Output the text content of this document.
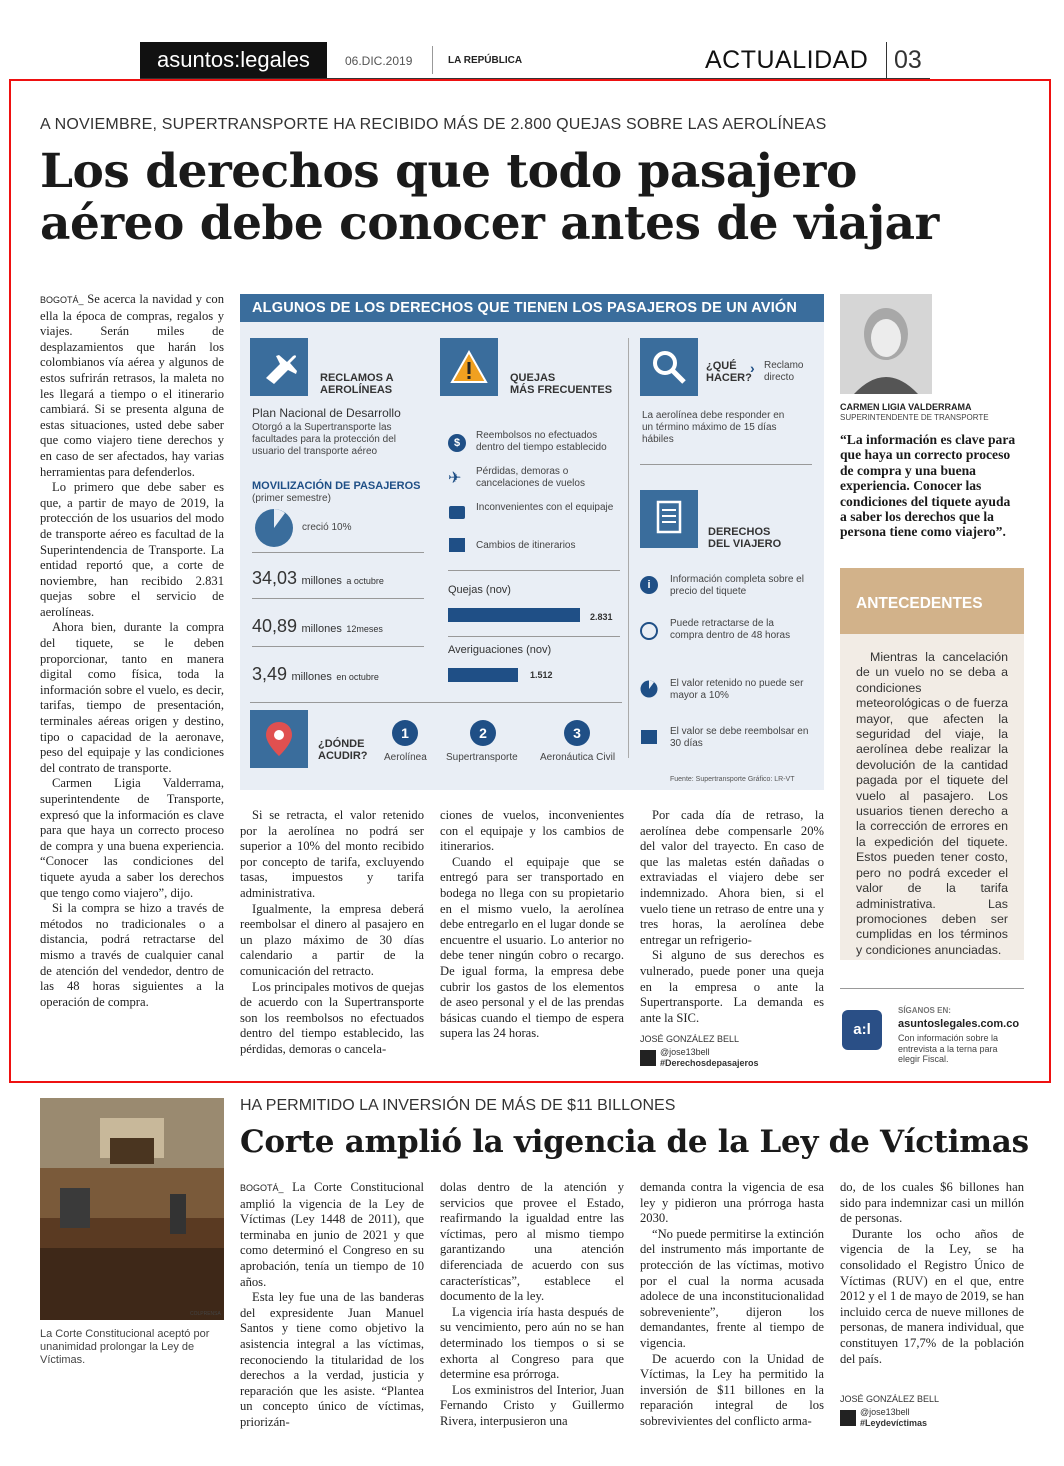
asuntos:legales	06.DIC.2019	LA REPÚBLICA	ACTUALIDAD 03
A NOVIEMBRE, SUPERTRANSPORTE HA RECIBIDO MÁS DE 2.800 QUEJAS SOBRE LAS AEROLÍNEAS
Los derechos que todo pasajero aéreo debe conocer antes de viajar

BOGOTÁ_ Se acerca la navidad y con ella la época de compras, regalos y viajes. Serán miles de desplazamientos que harán los colombianos vía aérea y algunos de estos sufrirán retrasos, la maleta no les llegará a tiempo o el itinerario cambiará. Si se presenta alguna de estas situaciones, usted debe saber que como viajero tiene derechos y en caso de ser afectados, hay varias herramientas para defenderlos.

Lo primero que debe saber es que, a partir de mayo de 2019, la protección de los usuarios del modo de transporte aéreo es facultad de la Superintendencia de Transporte. La entidad reportó que, a corte de noviembre, han recibido 2.831 quejas sobre el servicio de aerolíneas.

Ahora bien, durante la compra del tiquete, se le deben proporcionar, tanto en manera digital como física, toda la información sobre el vuelo, es decir, tarifas, tiempo de presentación, terminales aéreas origen y destino, tipo o capacidad de la aeronave, peso del equipaje y las condiciones del contrato de transporte.

Carmen Ligia Valderrama, superintendente de Transporte, expresó que la información es clave para que haya un correcto proceso de compra y una buena experiencia. “Conocer las condiciones del tiquete ayuda a saber los derechos que tengo como viajero”, dijo.

Si la compra se hizo a través de métodos no tradicionales o a distancia, podrá retractarse del mismo a través de cualquier canal de atención del vendedor, dentro de las 48 horas siguientes a la operación de compra.

Si se retracta, el valor retenido por la aerolínea no podrá ser superior a 10% del monto recibido por concepto de tarifa, excluyendo tasas, impuestos y tarifa administrativa.

Igualmente, la empresa deberá reembolsar el dinero al pasajero en un plazo máximo de 30 días calendario a partir de la comunicación del retracto.

Los principales motivos de quejas de acuerdo con la Supertransporte son los reembolsos no efectuados dentro del tiempo establecido, las pérdidas, demoras o cancela-

ciones de vuelos, inconvenientes con el equipaje y los cambios de itinerarios.

Cuando el equipaje que se entregó para ser transportado en bodega no llega con su propietario en el mismo vuelo, la aerolínea debe entregarlo en el lugar donde se encuentre el usuario. Lo anterior no debe tener ningún cobro o recargo. De igual forma, la empresa debe cubrir los gastos de los elementos de aseo personal y el de las prendas básicas cuando el tiempo de espera supera las 24 horas.

Por cada día de retraso, la aerolínea debe compensarle 20% del valor del trayecto. En caso de que las maletas estén dañadas o extraviadas el viajero debe ser indemnizado. Ahora bien, si el vuelo tiene un retraso de entre una y tres horas, la aerolínea debe entregar un refrigerio-

Si alguno de sus derechos es vulnerado, puede poner una queja en la empresa o ante la Supertransporte. La demanda es ante la SIC.

JOSÉ GONZÁLEZ BELL
@jose13bell
#Derechosdepasajeros
ALGUNOS DE LOS DERECHOS QUE TIENEN LOS PASAJEROS DE UN AVIÓN
RECLAMOS A
AEROLÍNEAS
Plan Nacional de Desarrollo
Otorgó a la Supertransporte las facultades para la protección del usuario del transporte aéreo
MOVILIZACIÓN DE PASAJEROS
(primer semestre)
creció 10%
34,03 millones a octubre
40,89 millones 12meses
3,49 millones en octubre
QUEJAS
MÁS FRECUENTES
$
Reembolsos no efectuados dentro del tiempo establecido
✈ Pérdidas, demoras o cancelaciones de vuelos
Inconvenientes con el equipaje
Cambios de itinerarios
Quejas (nov)
2.831
Averiguaciones (nov)
1.512
¿QUÉ
HACER?
› Reclamo
directo
La aerolínea debe responder en un término máximo de 15 días hábiles
DERECHOS
DEL VIAJERO
i	Información completa sobre el precio del tiquete
Puede retractarse de la compra dentro de 48 horas
El valor retenido no puede ser mayor a 10%
El valor se debe reembolsar en 30 días
¿DÓNDE
ACUDIR?
1
Aerolínea
2
Supertransporte
3
Aeronáutica Civil
Fuente: Supertransporte Gráfico: LR-VT
CARMEN LIGIA VALDERRAMA
SUPERINTENDENTE DE TRANSPORTE
“La información es clave para que haya un correcto proceso de compra y una buena experiencia. Conocer las condiciones del tiquete ayuda a saber los derechos que la persona tiene como viajero”.
ANTECEDENTES
Mientras la cancelación de un vuelo no se deba a condiciones meteorológicas o de fuerza mayor, que afecten la seguridad del viaje, la aerolínea debe realizar la devolución de la cantidad pagada por el tiquete del vuelo al pasajero. Los usuarios tienen derecho a la corrección de errores en la expedición del tiquete. Estos pueden tener costo, pero no podrá exceder el valor de la tarifa administrativa. Las promociones deben ser cumplidas en los términos y condiciones anunciadas.
a:l
SÍGANOS EN:
asuntoslegales.com.co
Con información sobre la entrevista a la terna para elegir Fiscal.
COLPRENSA
La Corte Constitucional aceptó por unanimidad prolongar la Ley de Víctimas.
HA PERMITIDO LA INVERSIÓN DE MÁS DE $11 BILLONES
Corte amplió la vigencia de la Ley de Víctimas

BOGOTÁ_ La Corte Constitucional amplió la vigencia de la Ley de Víctimas (Ley 1448 de 2011), que terminaba en junio de 2021 y que como determinó el Congreso en su aprobación, tenía un tiempo de 10 años.

Esta ley fue una de las banderas del expresidente Juan Manuel Santos y tiene como objetivo la asistencia integral a las víctimas, reconociendo la titularidad de los derechos a la verdad, justicia y reparación que les asiste. “Plantea un concepto único de víctimas, priorizán-

dolas dentro de la atención y servicios que provee el Estado, reafirmando la igualdad entre las víctimas, pero al mismo tiempo garantizando una atención diferenciada de acuerdo con sus características”, establece el documento de la ley.

La vigencia iría hasta después de su vencimiento, pero aún no se han determinado los tiempos o si se exhorta al Congreso para que determine esa prórroga.

Los exministros del Interior, Juan Fernando Cristo y Guillermo Rivera, interpusieron una

demanda contra la vigencia de esa ley y pidieron una prórroga hasta 2030.

“No puede permitirse la extinción del instrumento más importante de protección de las víctimas, motivo por el cual la norma acusada adolece de una inconstitucionalidad sobreveniente”, dijeron los demandantes, frente al tiempo de vigencia.

De acuerdo con la Unidad de Víctimas, la Ley ha permitido la inversión de $11 billones en la reparación integral de los sobrevivientes del conflicto arma-

do, de los cuales $6 billones han sido para indemnizar casi un millón de personas.

Durante los ocho años de vigencia de la Ley, se ha consolidado el Registro Único de Víctimas (RUV) en el que, entre 2012 y el 1 de mayo de 2019, se han incluido cerca de nueve millones de personas, de manera individual, que constituyen 17,7% de la población del país.

JOSÉ GONZÁLEZ BELL
@jose13bell
#Leydevíctimas
